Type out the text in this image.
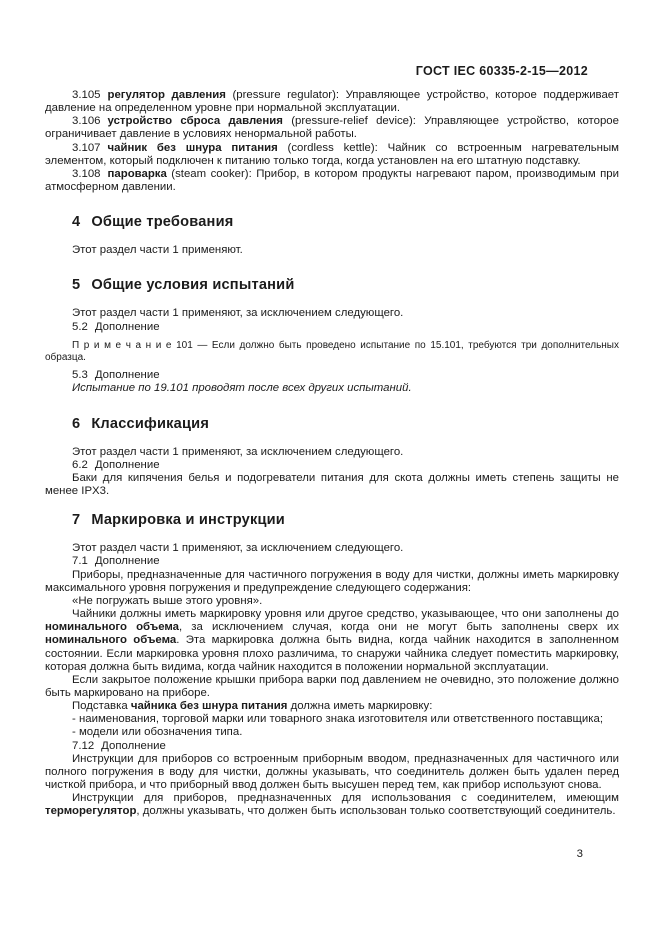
ГОСТ IEC 60335-2-15—2012

3.105 регулятор давления (pressure regulator): Управляющее устройство, которое поддерживает давление на определенном уровне при нормальной эксплуатации.

3.106 устройство сброса давления (pressure-relief device): Управляющее устройство, которое ограничивает давление в условиях ненормальной работы.

3.107 чайник без шнура питания (cordless kettle): Чайник со встроенным нагревательным элементом, который подключен к питанию только тогда, когда установлен на его штатную подставку.

3.108 пароварка (steam cooker): Прибор, в котором продукты нагревают паром, производимым при атмосферном давлении.

4 Общие требования

Этот раздел части 1 применяют.

5 Общие условия испытаний

Этот раздел части 1 применяют, за исключением следующего.

5.2 Дополнение

П р и м е ч а н и е 101 — Если должно быть проведено испытание по 15.101, требуются три дополнительных образца.

5.3 Дополнение

Испытание по 19.101 проводят после всех других испытаний.

6 Классификация

Этот раздел части 1 применяют, за исключением следующего.

6.2 Дополнение

Баки для кипячения белья и подогреватели питания для скота должны иметь степень защиты не менее IPX3.

7 Маркировка и инструкции

Этот раздел части 1 применяют, за исключением следующего.

7.1 Дополнение

Приборы, предназначенные для частичного погружения в воду для чистки, должны иметь маркировку максимального уровня погружения и предупреждение следующего содержания:

«Не погружать выше этого уровня».

Чайники должны иметь маркировку уровня или другое средство, указывающее, что они заполнены до номинального объема, за исключением случая, когда они не могут быть заполнены сверх их номинального объема. Эта маркировка должна быть видна, когда чайник находится в заполненном состоянии. Если маркировка уровня плохо различима, то снаружи чайника следует поместить маркировку, которая должна быть видима, когда чайник находится в положении нормальной эксплуатации.

Если закрытое положение крышки прибора варки под давлением не очевидно, это положение должно быть маркировано на приборе.

Подставка чайника без шнура питания должна иметь маркировку:

- наименования, торговой марки или товарного знака изготовителя или ответственного поставщика;

- модели или обозначения типа.

7.12 Дополнение

Инструкции для приборов со встроенным приборным вводом, предназначенных для частичного или полного погружения в воду для чистки, должны указывать, что соединитель должен быть удален перед чисткой прибора, и что приборный ввод должен быть высушен перед тем, как прибор используют снова.

Инструкции для приборов, предназначенных для использования с соединителем, имеющим терморегулятор, должны указывать, что должен быть использован только соответствующий соединитель.

3
